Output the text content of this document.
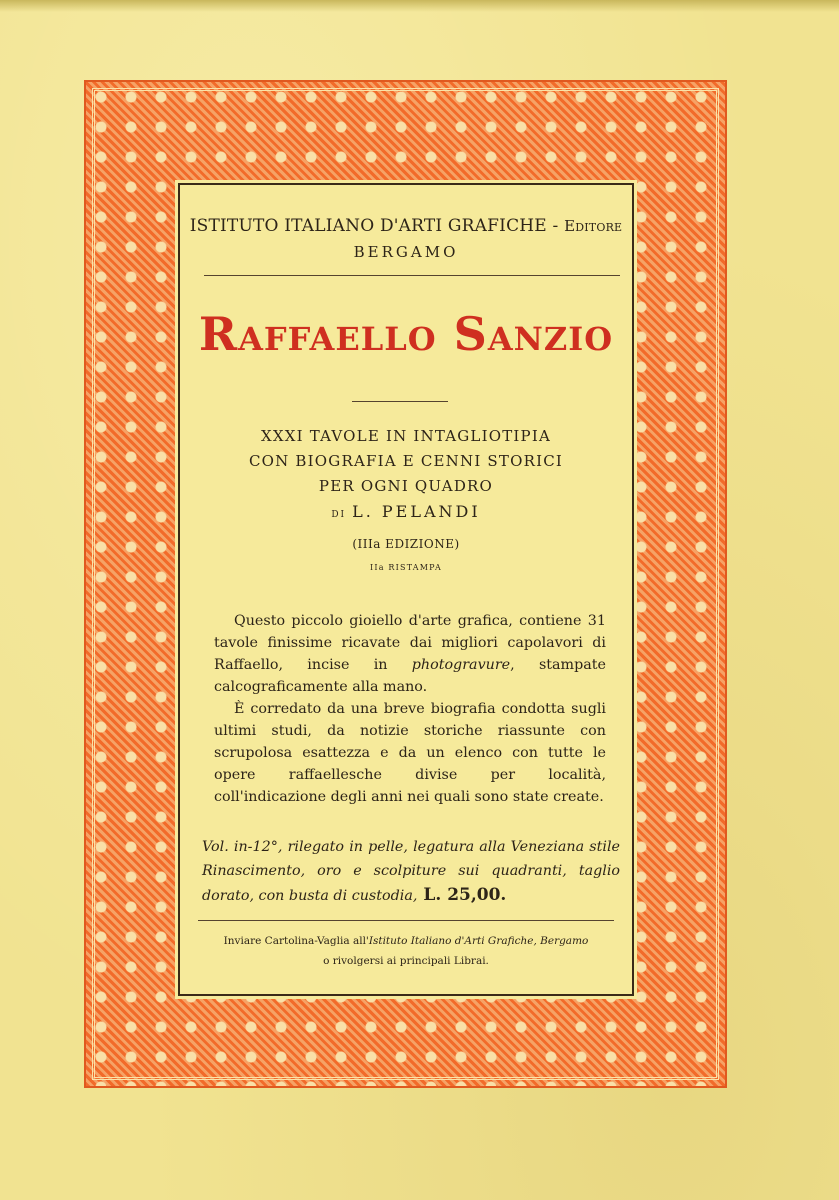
ISTITUTO ITALIANO D'ARTI GRAFICHE - Editore
BERGAMO
Raffaello Sanzio
XXXI TAVOLE IN INTAGLIOTIPIA
CON BIOGRAFIA E CENNI STORICI
PER OGNI QUADRO
di L. PELANDI
(IIIa EDIZIONE)
IIa RISTAMPA

Questo piccolo gioiello d'arte grafica, contiene 31 tavole finissime ricavate dai migliori capolavori di Raffaello, incise in photogravure, stampate calcograficamente alla mano.

È corredato da una breve biografia condotta sugli ultimi studi, da notizie storiche riassunte con scrupolosa esattezza e da un elenco con tutte le opere raffaellesche divise per località, coll'indicazione degli anni nei quali sono state create.

Vol. in-12°, rilegato in pelle, legatura alla Veneziana stile Rinascimento, oro e scolpiture sui quadranti, taglio dorato, con busta di custodia, L. 25,00.
Inviare Cartolina-Vaglia all'Istituto Italiano d'Arti Grafiche, Bergamo
o rivolgersi ai principali Librai.
